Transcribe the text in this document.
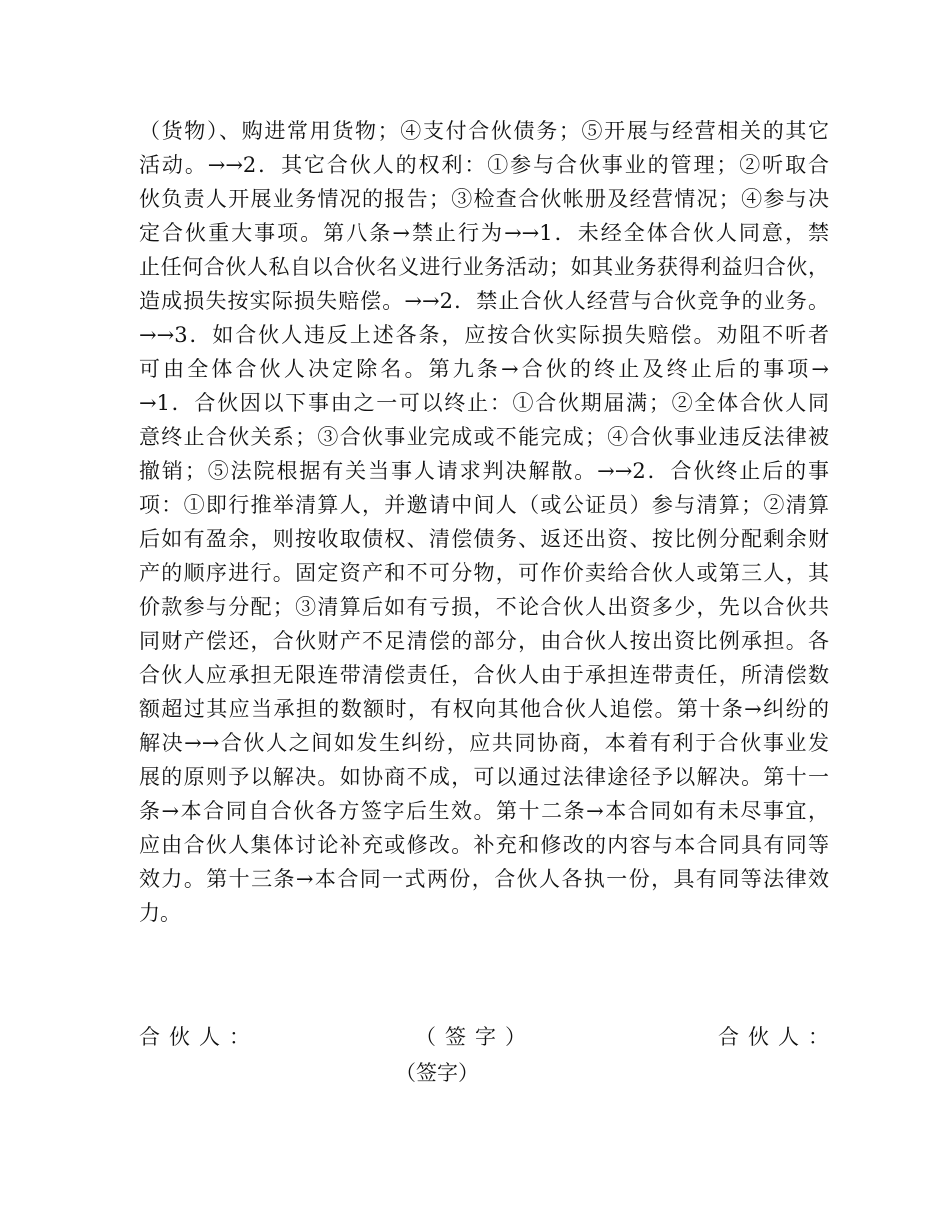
（货物）、购进常用货物；④支付合伙债务；⑤开展与经营相关的其它
活动。→→2．其它合伙人的权利：①参与合伙事业的管理；②听取合
伙负责人开展业务情况的报告；③检查合伙帐册及经营情况；④参与决
定合伙重大事项。第八条→禁止行为→→1．未经全体合伙人同意，禁
止任何合伙人私自以合伙名义进行业务活动；如其业务获得利益归合伙，
造成损失按实际损失赔偿。→→2．禁止合伙人经营与合伙竞争的业务。
→→3．如合伙人违反上述各条，应按合伙实际损失赔偿。劝阻不听者
可由全体合伙人决定除名。第九条→合伙的终止及终止后的事项→
→1．合伙因以下事由之一可以终止：①合伙期届满；②全体合伙人同
意终止合伙关系；③合伙事业完成或不能完成；④合伙事业违反法律被
撤销；⑤法院根据有关当事人请求判决解散。→→2．合伙终止后的事
项：①即行推举清算人，并邀请中间人（或公证员）参与清算；②清算
后如有盈余，则按收取债权、清偿债务、返还出资、按比例分配剩余财
产的顺序进行。固定资产和不可分物，可作价卖给合伙人或第三人，其
价款参与分配；③清算后如有亏损，不论合伙人出资多少，先以合伙共
同财产偿还，合伙财产不足清偿的部分，由合伙人按出资比例承担。各
合伙人应承担无限连带清偿责任，合伙人由于承担连带责任，所清偿数
额超过其应当承担的数额时，有权向其他合伙人追偿。第十条→纠纷的
解决→→合伙人之间如发生纠纷，应共同协商，本着有利于合伙事业发
展的原则予以解决。如协商不成，可以通过法律途径予以解决。第十一
条→本合同自合伙各方签字后生效。第十二条→本合同如有未尽事宜，
应由合伙人集体讨论补充或修改。补充和修改的内容与本合同具有同等
效力。第十三条→本合同一式两份，合伙人各执一份，具有同等法律效
力。
合伙人：	（签字）	合伙人：
（签字）
